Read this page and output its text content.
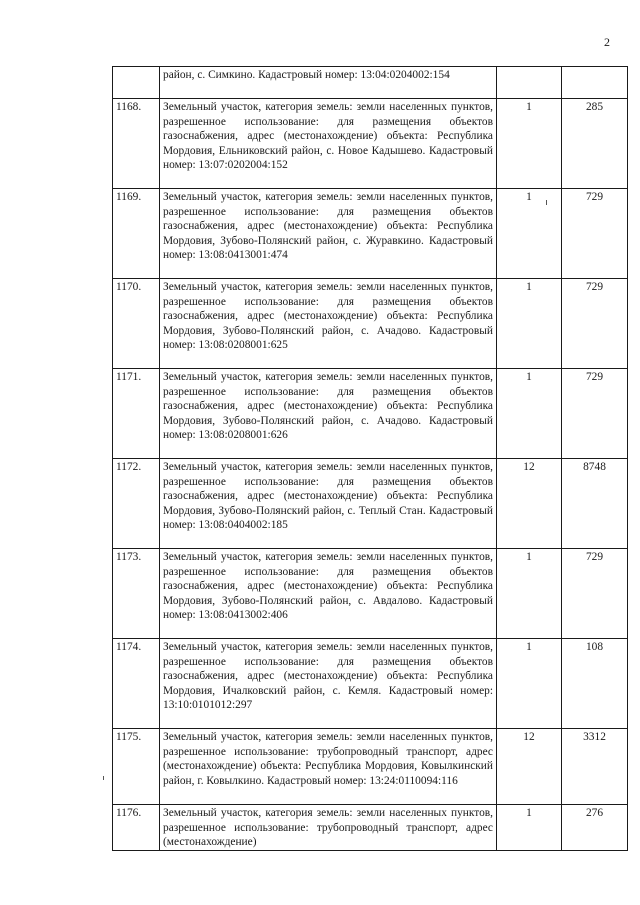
2
	район, с. Симкино. Кадастровый номер: 13:04:0204002:154		
1168.	Земельный участок, категория земель: земли населенных пунктов, разрешенное использование: для размещения объектов газоснабжения, адрес (местонахождение) объекта: Республика Мордовия, Ельниковский район, с. Новое Кадышево. Кадастровый номер: 13:07:0202004:152	1	285
1169.	Земельный участок, категория земель: земли населенных пунктов, разрешенное использование: для размещения объектов газоснабжения, адрес (местонахождение) объекта: Республика Мордовия, Зубово-Полянский район, с. Журавкино. Кадастровый номер: 13:08:0413001:474	1	729
1170.	Земельный участок, категория земель: земли населенных пунктов, разрешенное использование: для размещения объектов газоснабжения, адрес (местонахождение) объекта: Республика Мордовия, Зубово-Полянский район, с. Ачадово. Кадастровый номер: 13:08:0208001:625	1	729
1171.	Земельный участок, категория земель: земли населенных пунктов, разрешенное использование: для размещения объектов газоснабжения, адрес (местонахождение) объекта: Республика Мордовия, Зубово-Полянский район, с. Ачадово. Кадастровый номер: 13:08:0208001:626	1	729
1172.	Земельный участок, категория земель: земли населенных пунктов, разрешенное использование: для размещения объектов газоснабжения, адрес (местонахождение) объекта: Республика Мордовия, Зубово-Полянский район, с. Теплый Стан. Кадастровый номер: 13:08:0404002:185	12	8748
1173.	Земельный участок, категория земель: земли населенных пунктов, разрешенное использование: для размещения объектов газоснабжения, адрес (местонахождение) объекта: Республика Мордовия, Зубово-Полянский район, с. Авдалово. Кадастровый номер: 13:08:0413002:406	1	729
1174.	Земельный участок, категория земель: земли населенных пунктов, разрешенное использование: для размещения объектов газоснабжения, адрес (местонахождение) объекта: Республика Мордовия, Ичалковский район, с. Кемля. Кадастровый номер: 13:10:0101012:297	1	108
1175.	Земельный участок, категория земель: земли населенных пунктов, разрешенное использование: трубопроводный транспорт, адрес (местонахождение) объекта: Республика Мордовия, Ковылкинский район, г. Ковылкино. Кадастровый номер: 13:24:0110094:116	12	3312
1176.	Земельный участок, категория земель: земли населенных пунктов, разрешенное использование: трубопроводный транспорт, адрес (местонахождение)	1	276
